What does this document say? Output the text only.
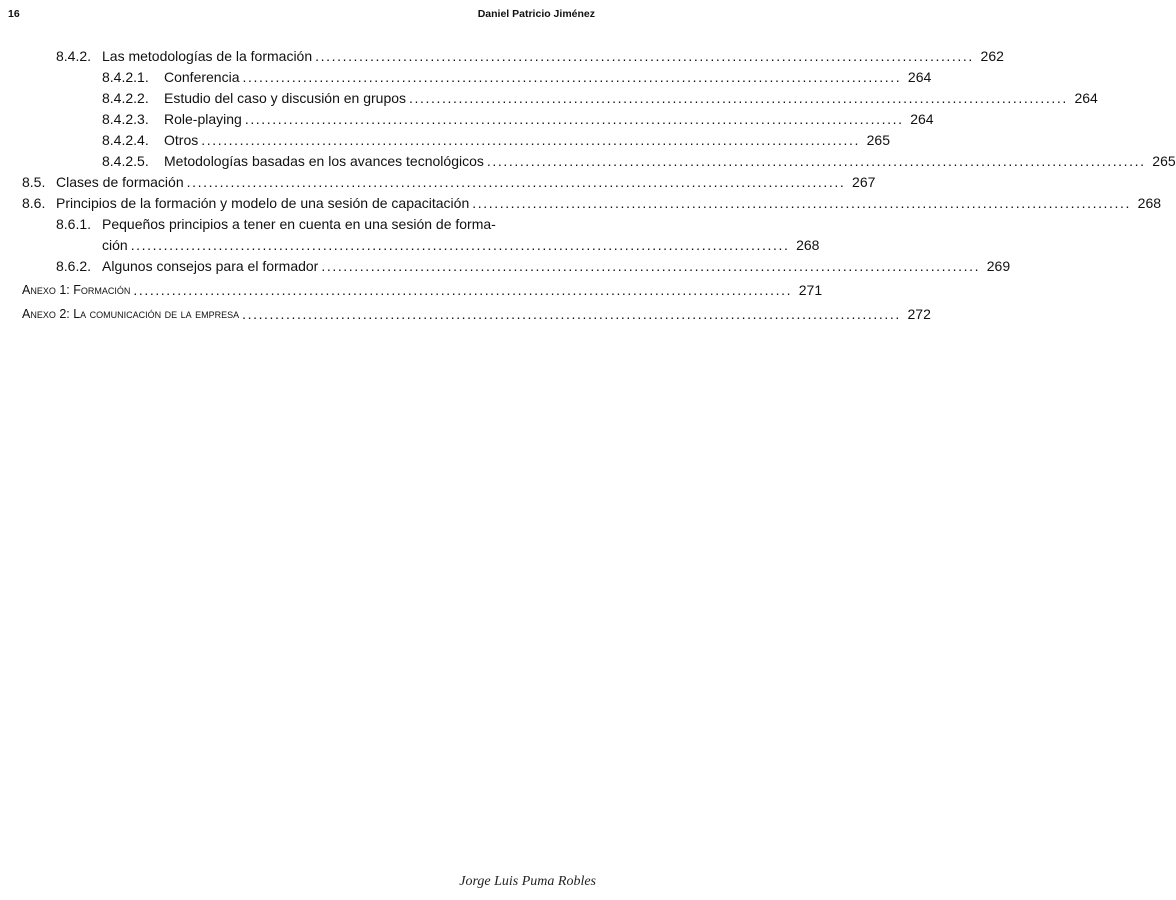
16	Daniel Patricio Jiménez
8.4.2. Las metodologías de la formación ........................................................................................................................ 262
8.4.2.1. Conferencia ........................................................................................................................ 264
8.4.2.2. Estudio del caso y discusión en grupos ........................................................................................................................ 264
8.4.2.3. Role-playing ........................................................................................................................ 264
8.4.2.4. Otros ........................................................................................................................ 265
8.4.2.5. Metodologías basadas en los avances tecnológicos ........................................................................................................................ 265
8.5. Clases de formación ........................................................................................................................ 267
8.6. Principios de la formación y modelo de una sesión de capacitación ........................................................................................................................ 268
8.6.1. Pequeños principios a tener en cuenta en una sesión de forma-
ción ........................................................................................................................ 268
8.6.2. Algunos consejos para el formador ........................................................................................................................ 269
Anexo 1: Formación ........................................................................................................................ 271
Anexo 2: La comunicación de la empresa ........................................................................................................................ 272
Jorge Luis Puma Robles
